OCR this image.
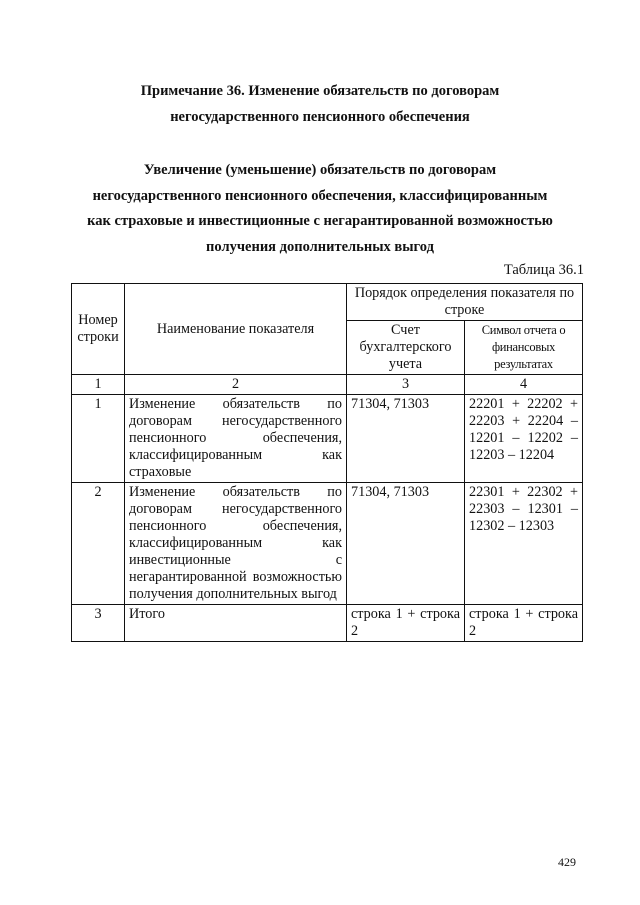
Примечание 36. Изменение обязательств по договорам
негосударственного пенсионного обеспечения
Увеличение (уменьшение) обязательств по договорам
негосударственного пенсионного обеспечения, классифицированным
как страховые и инвестиционные с негарантированной возможностью
получения дополнительных выгод
Таблица 36.1
Номер строки	Наименование показателя	Порядок определения показателя по строке	
		Счет бухгалтерского учета	Символ отчета о финансовых результатах
1	2	3	4
1	Изменение обязательств по договорам негосударственного пенсионного обеспечения, классифицированным как страховые	71304, 71303	22201 + 22202 + 22203 + 22204 – 12201 – 12202 – 12203 – 12204
2	Изменение обязательств по договорам негосударственного пенсионного обеспечения, классифицированным как инвестиционные с негарантированной возможностью получения дополнительных выгод	71304, 71303	22301 + 22302 + 22303 – 12301 – 12302 – 12303
3	Итого	строка 1 + строка 2	строка 1 + строка 2
429
